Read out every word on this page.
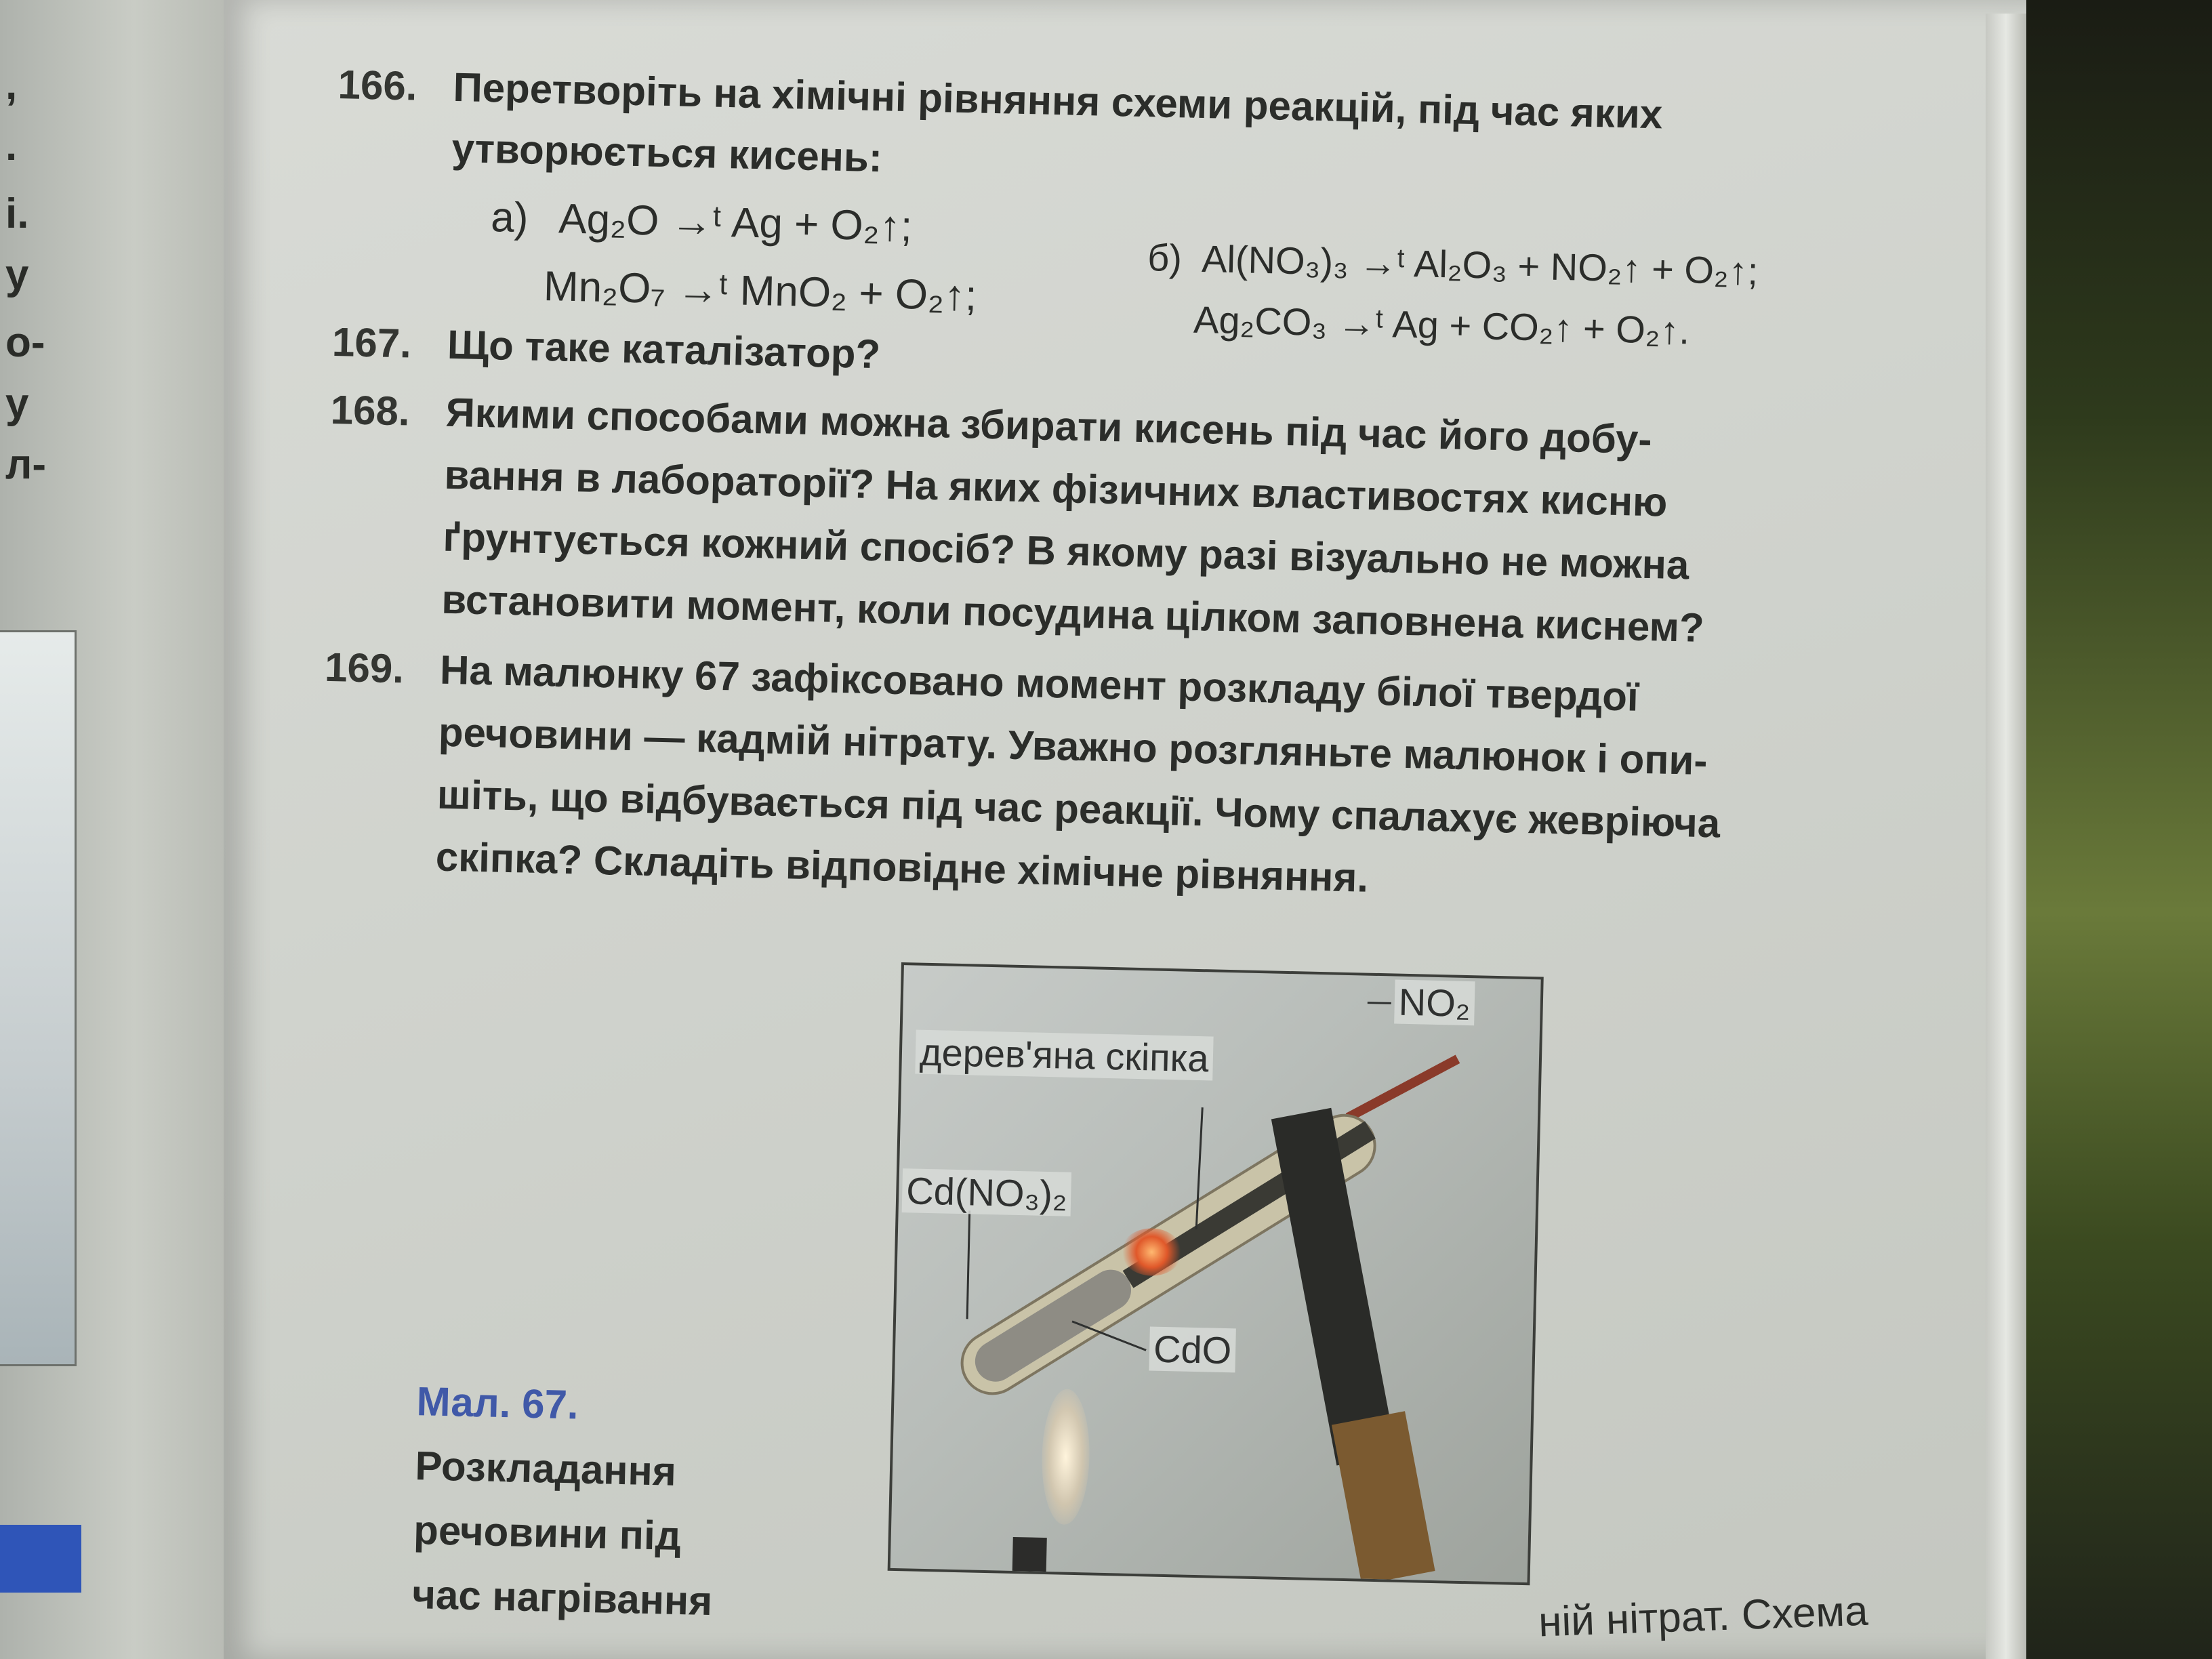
,
.
і.
у
о-
у
л-
166. Перетворіть на хімічні рівняння схеми реакцій, під час яких
утворюється кисень:
а) Ag₂O →ᵗ Ag + O₂↑;
Mn₂O₇ →ᵗ MnO₂ + O₂↑;
б) Al(NO₃)₃ →ᵗ Al₂O₃ + NO₂↑ + O₂↑;
Ag₂CO₃ →ᵗ Ag + CO₂↑ + O₂↑.
167. Що таке каталізатор?
168. Якими способами можна збирати кисень під час його добу-
вання в лабораторії? На яких фізичних властивостях кисню
ґрунтується кожний спосіб? В якому разі візуально не можна
встановити момент, коли посудина цілком заповнена киснем?
169. На малюнку 67 зафіксовано момент розкладу білої твердої
речовини — кадмій нітрату. Уважно розгляньте малюнок і опи-
шіть, що відбувається під час реакції. Чому спалахує жевріюча
скіпка? Складіть відповідне хімічне рівняння.
Мал. 67.
Розкладання
речовини під
час нагрівання
NO₂
дерев'яна скіпка
Cd(NO₃)₂
CdO
ній нітрат. Схема
